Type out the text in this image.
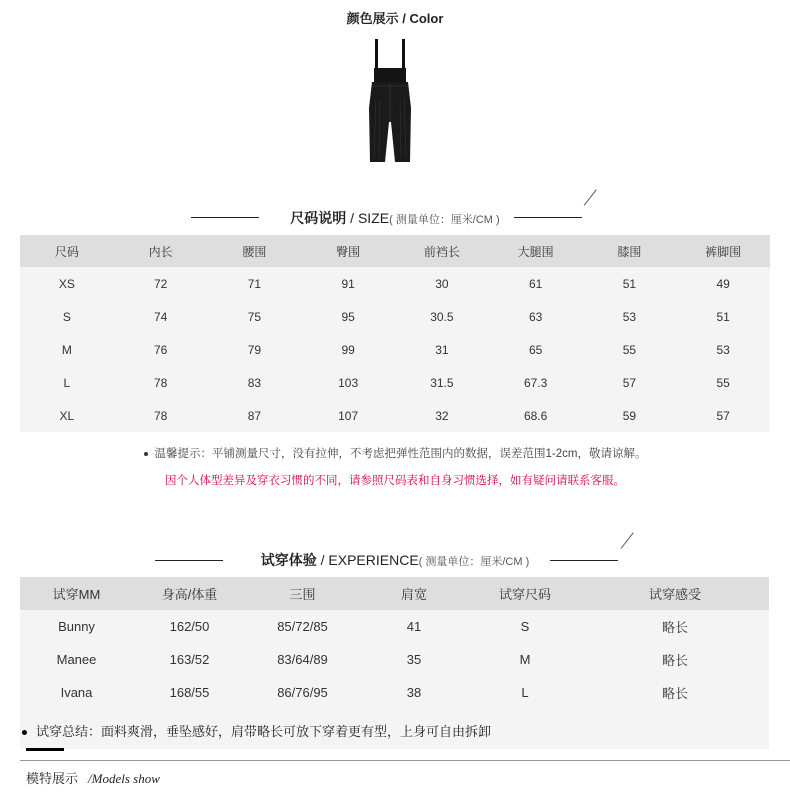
颜色展示 / Color
尺码说明 / SIZE( 测量单位：厘米/CM )
尺码	内长	腰围	臀围	前裆长	大腿围	膝围	裤脚围
XS	72	71	91	30	61	51	49
S	74	75	95	30.5	63	53	51
M	76	79	99	31	65	55	53
L	78	83	103	31.5	67.3	57	55
XL	78	87	107	32	68.6	59	57
温馨提示：平铺测量尺寸，没有拉伸，不考虑把弹性范围内的数据，误差范围1-2cm，敬请谅解。
因个人体型差异及穿衣习惯的不同，请参照尺码表和自身习惯选择，如有疑问请联系客服。
试穿体验 / EXPERIENCE( 测量单位：厘米/CM )
试穿MM	身高/体重	三围	肩宽	试穿尺码	试穿感受
Bunny	162/50	85/72/85	41	S	略长
Manee	163/52	83/64/89	35	M	略长
Ivana	168/55	86/76/95	38	L	略长
试穿总结：面料爽滑，垂坠感好，肩带略长可放下穿着更有型，上身可自由拆卸
模特展示 /Models show
